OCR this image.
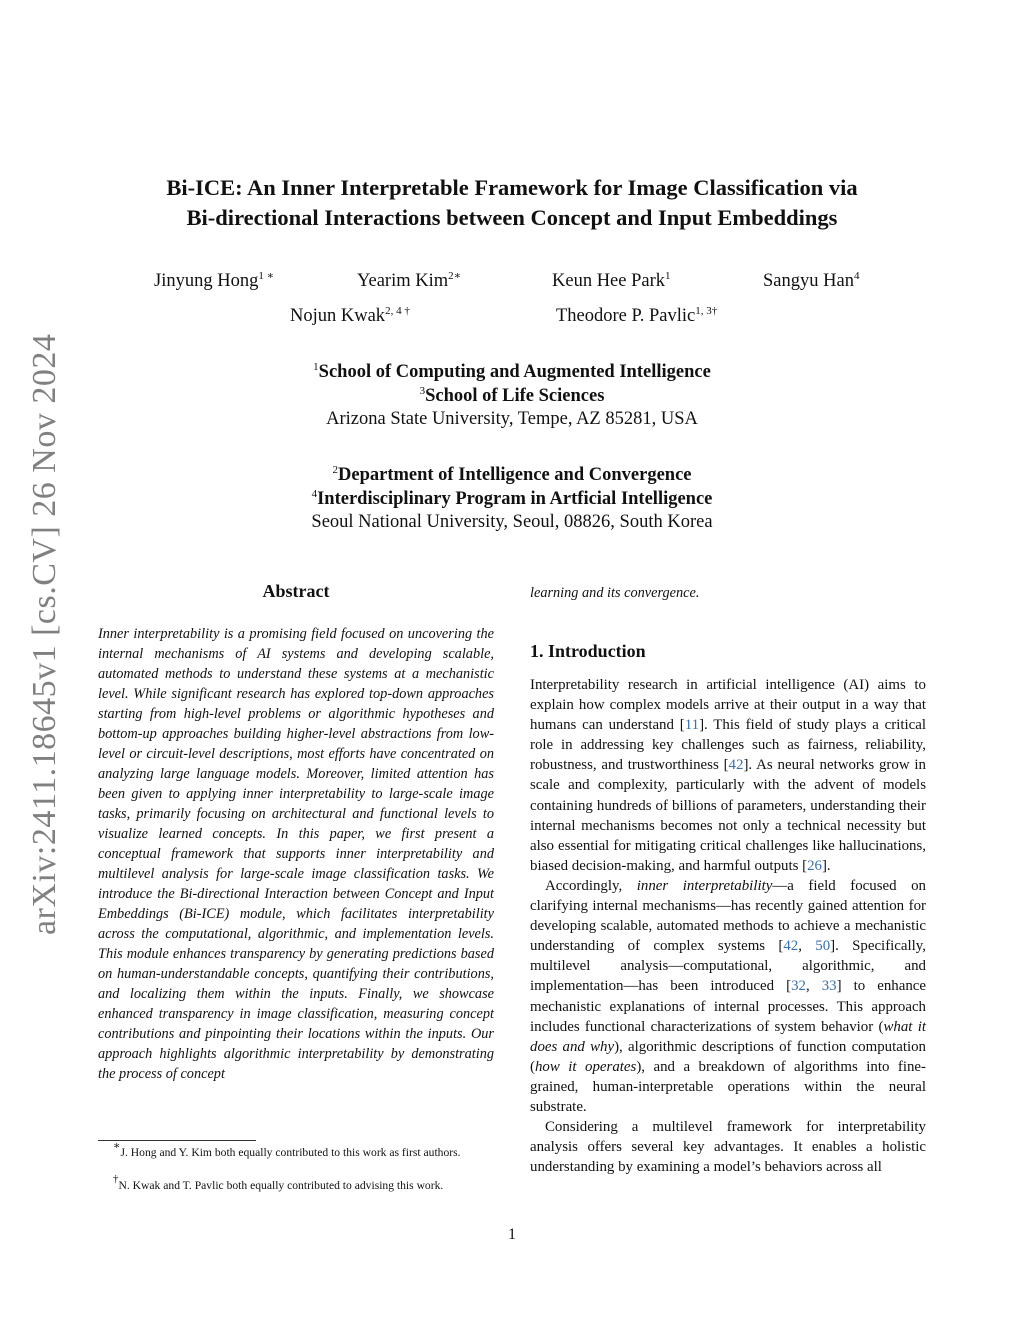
arXiv:2411.18645v1 [cs.CV] 26 Nov 2024
Bi-ICE: An Inner Interpretable Framework for Image Classification via
Bi-directional Interactions between Concept and Input Embeddings
Jinyung Hong$^{1 ∗}$	Yearim Kim$^{2∗}$	Keun Hee Park$^1$	Sangyu Han$^4$
Nojun Kwak$^{2, 4 \dagger}$	Theodore P. Pavlic$^{1, 3\dagger}$
$^1$School of Computing and Augmented Intelligence
$^3$School of Life Sciences
Arizona State University, Tempe, AZ 85281, USA
$^2$Department of Intelligence and Convergence
$^4$Interdisciplinary Program in Artficial Intelligence
Seoul National University, Seoul, 08826, South Korea
Abstract
Inner interpretability is a promising field focused on uncovering the internal mechanisms of AI systems and developing scalable, automated methods to understand these systems at a mechanistic level. While significant research has explored top-down approaches starting from high-level problems or algorithmic hypotheses and bottom-up approaches building higher-level abstractions from low-level or circuit-level descriptions, most efforts have concentrated on analyzing large language models. Moreover, limited attention has been given to applying inner interpretability to large-scale image tasks, primarily focusing on architectural and functional levels to visualize learned concepts. In this paper, we first present a conceptual framework that supports inner interpretability and multilevel analysis for large-scale image classification tasks. We introduce the Bi-directional Interaction between Concept and Input Embeddings (Bi-ICE) module, which facilitates interpretability across the computational, algorithmic, and implementation levels. This module enhances transparency by generating predictions based on human-understandable concepts, quantifying their contributions, and localizing them within the inputs. Finally, we showcase enhanced transparency in image classification, measuring concept contributions and pinpointing their locations within the inputs. Our approach highlights algorithmic interpretability by demonstrating the process of concept
∗J. Hong and Y. Kim both equally contributed to this work as first authors.
†N. Kwak and T. Pavlic both equally contributed to advising this work.
learning and its convergence.
1. Introduction

Interpretability research in artificial intelligence (AI) aims to explain how complex models arrive at their output in a way that humans can understand [11]. This field of study plays a critical role in addressing key challenges such as fairness, reliability, robustness, and trustworthiness [42]. As neural networks grow in scale and complexity, particularly with the advent of models containing hundreds of billions of parameters, understanding their internal mechanisms becomes not only a technical necessity but also essential for mitigating critical challenges like hallucinations, biased decision-making, and harmful outputs [26].

Accordingly, inner interpretability—a field focused on clarifying internal mechanisms—has recently gained attention for developing scalable, automated methods to achieve a mechanistic understanding of complex systems [42, 50]. Specifically, multilevel analysis—computational, algorithmic, and implementation—has been introduced [32, 33] to enhance mechanistic explanations of internal processes. This approach includes functional characterizations of system behavior (what it does and why), algorithmic descriptions of function computation (how it operates), and a breakdown of algorithms into fine-grained, human-interpretable operations within the neural substrate.

Considering a multilevel framework for interpretability analysis offers several key advantages. It enables a holistic understanding by examining a model’s behaviors across all

1
